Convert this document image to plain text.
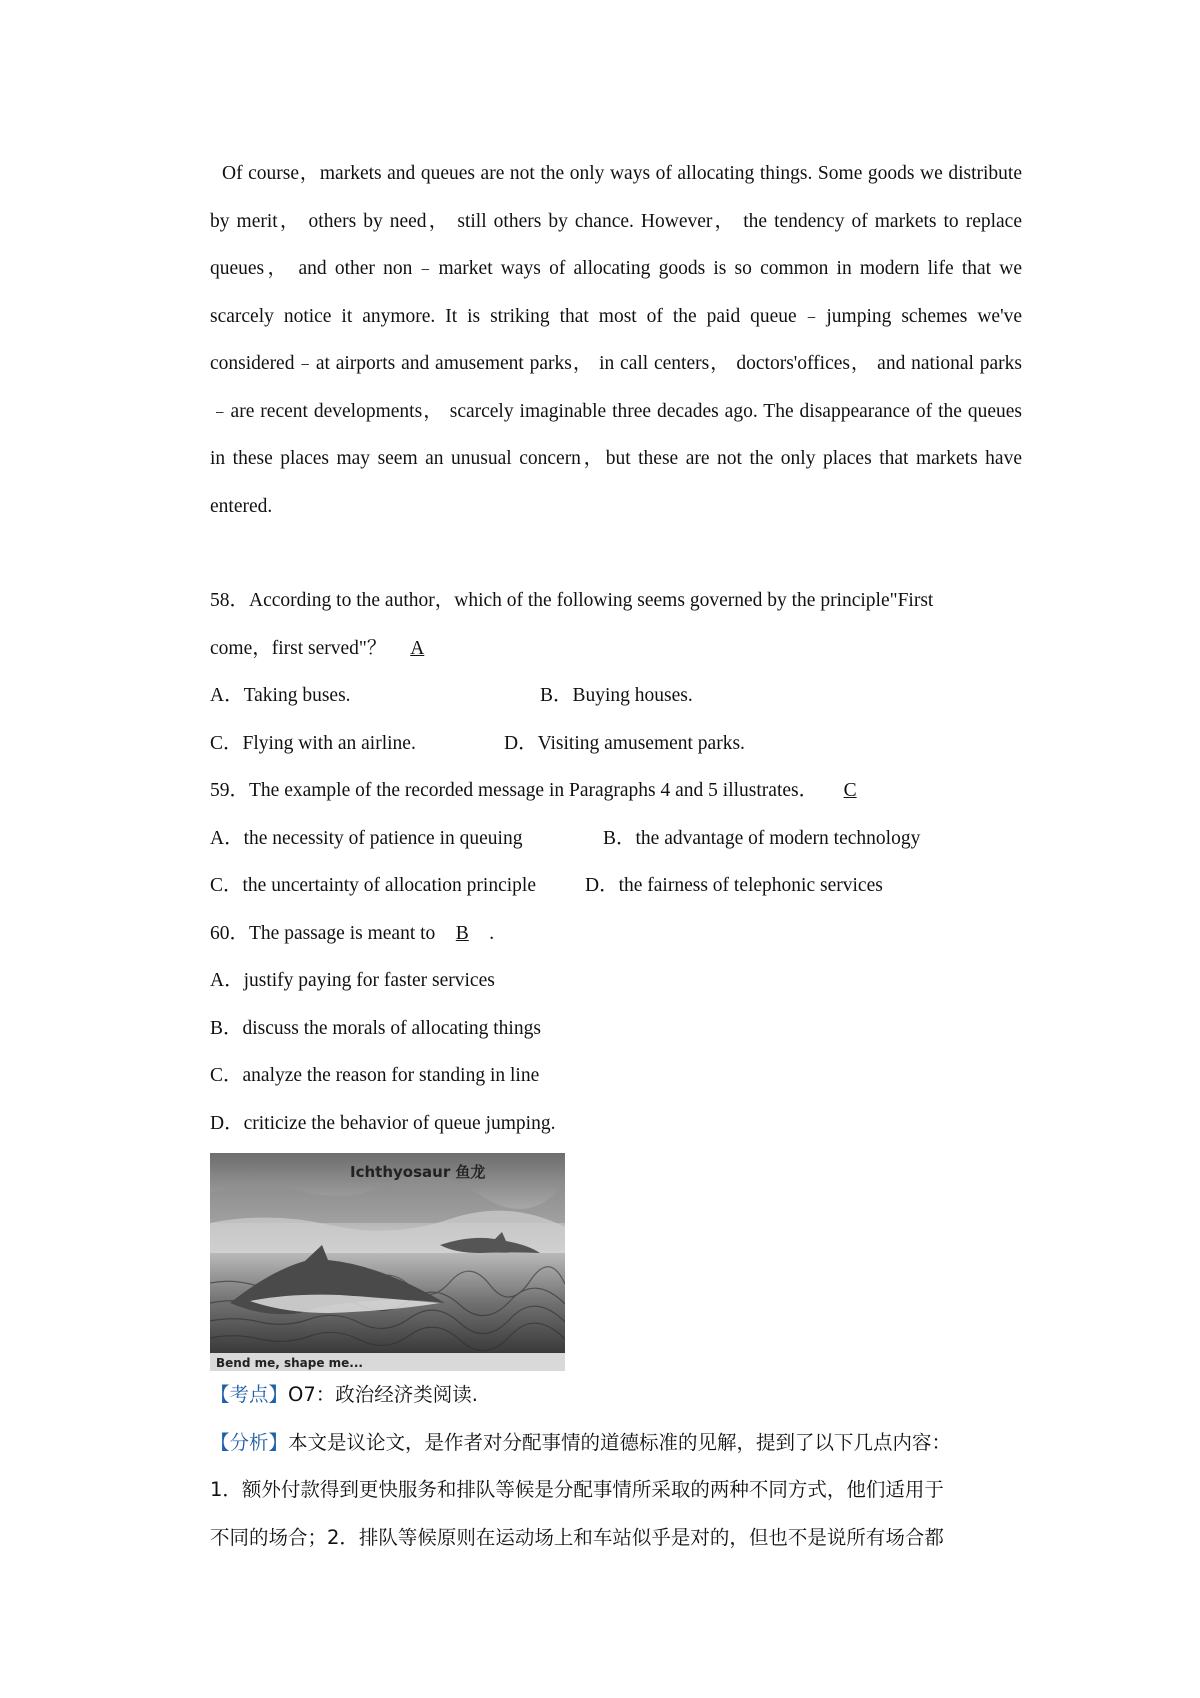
Of course，markets and queues are not the only ways of allocating things. Some goods we distribute by merit， others by need， still others by chance. However， the tendency of markets to replace queues， and other non﹣market ways of allocating goods is so common in modern life that we scarcely notice it anymore. It is striking that most of the paid queue﹣jumping schemes we've considered﹣at airports and amusement parks， in call centers， doctors'offices， and national parks﹣are recent developments， scarcely imaginable three decades ago. The disappearance of the queues in these places may seem an unusual concern，but these are not the only places that markets have entered.

58．According to the author，which of the following seems governed by the principle"First

come，first served"？ A

A．Taking buses.	B．Buying houses.
C．Flying with an airline.	D．Visiting amusement parks.

59．The example of the recorded message in Paragraphs 4 and 5 illustrates． C

A．the necessity of patience in queuing	B．the advantage of modern technology
C．the uncertainty of allocation principle	D．the fairness of telephonic services

60．The passage is meant to B .

A．justify paying for faster services

B．discuss the morals of allocating things

C．analyze the reason for standing in line

D．criticize the behavior of queue jumping.

Ichthyosaur 鱼龙
Bend me, shape me...

【考点】O7：政治经济类阅读.

【分析】本文是议论文，是作者对分配事情的道德标准的见解，提到了以下几点内容：

1．额外付款得到更快服务和排队等候是分配事情所采取的两种不同方式，他们适用于

不同的场合；2．排队等候原则在运动场上和车站似乎是对的，但也不是说所有场合都
